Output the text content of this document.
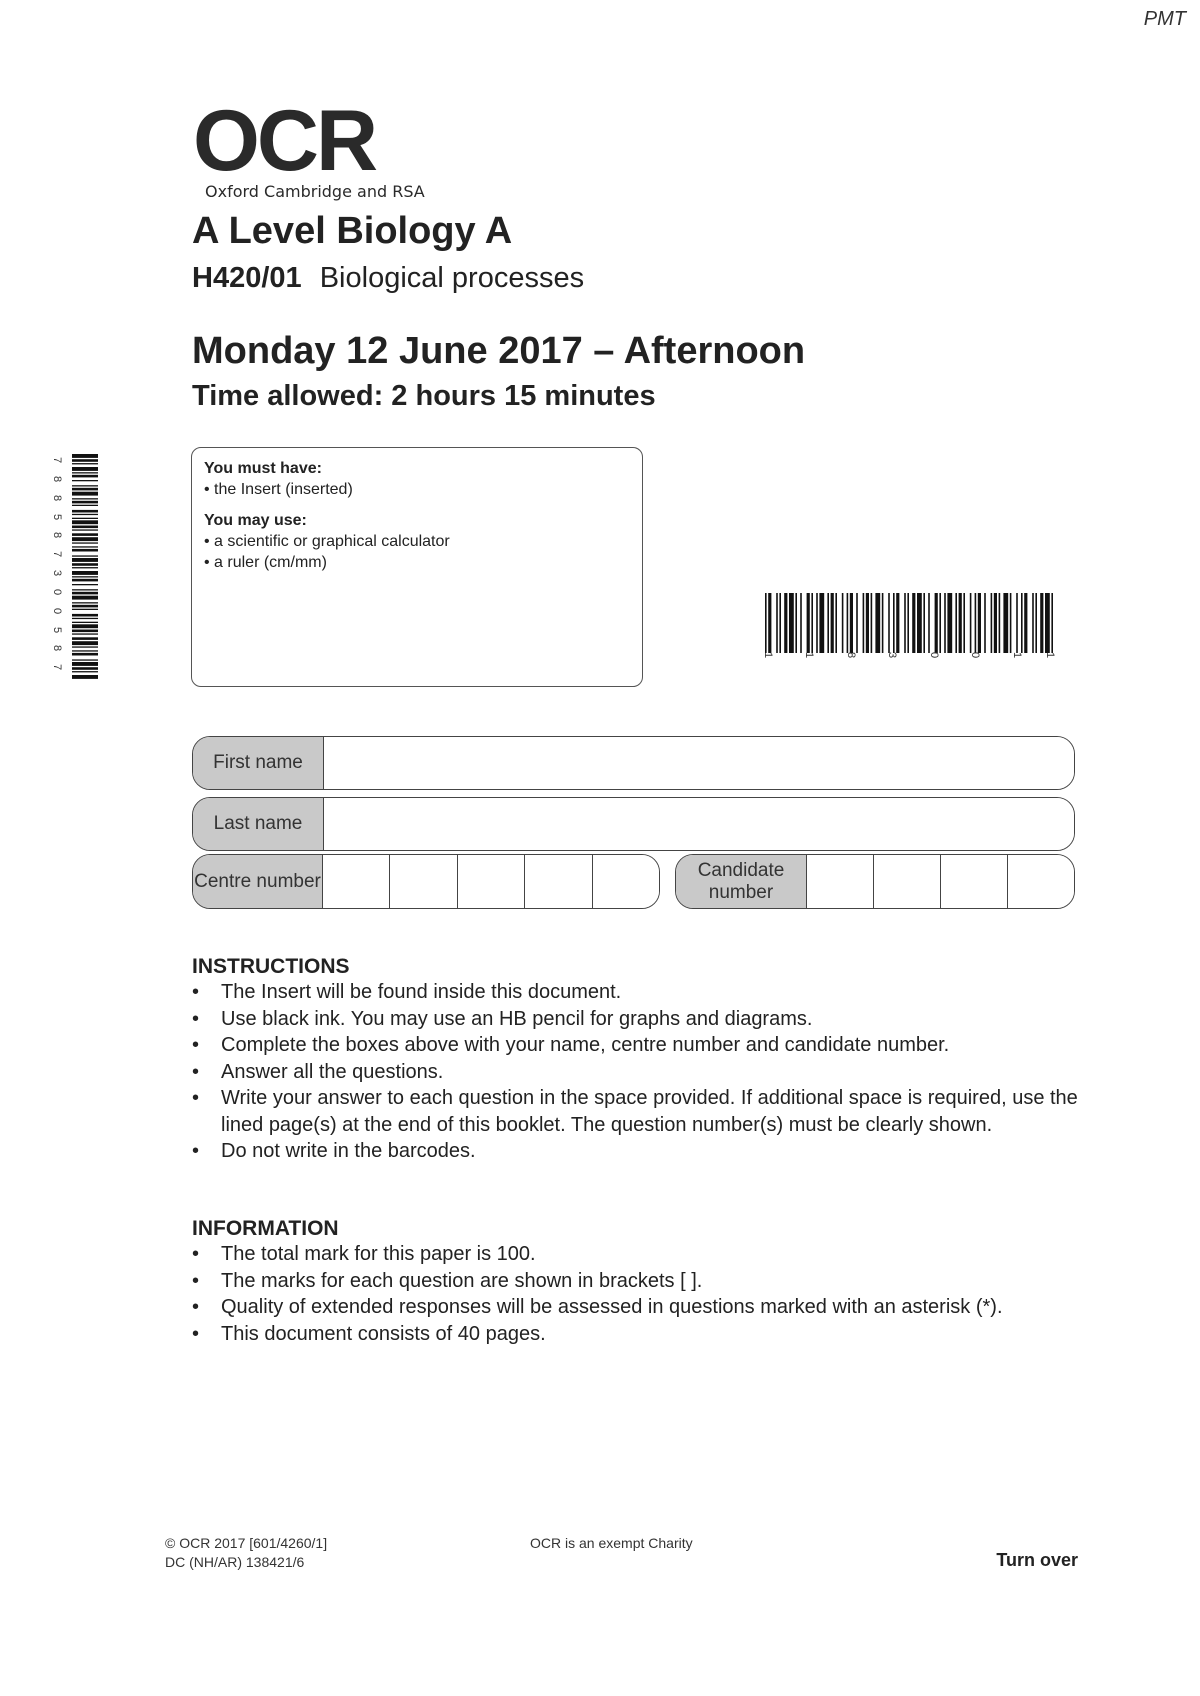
PMT
OCR
Oxford Cambridge and RSA
A Level Biology A
H420/01 Biological processes
Monday 12 June 2017 – Afternoon
Time allowed: 2 hours 15 minutes
You must have:
• the Insert (inserted)
You may use:
• a scientific or graphical calculator
• a ruler (cm/mm)
7
8
8
5
8
7
3
0
0
5
8
7
1	1	8	3	0	0	1 1
First name
Last name
Centre number
Candidate number
INSTRUCTIONS
• The Insert will be found inside this document.
• Use black ink. You may use an HB pencil for graphs and diagrams.
• Complete the boxes above with your name, centre number and candidate number.
• Answer all the questions.
• Write your answer to each question in the space provided. If additional space is required, use the lined page(s) at the end of this booklet. The question number(s) must be clearly shown.
• Do not write in the barcodes.
INFORMATION
• The total mark for this paper is 100.
• The marks for each question are shown in brackets [ ].
• Quality of extended responses will be assessed in questions marked with an asterisk (*).
• This document consists of 40 pages.
© OCR 2017 [601/4260/1]
DC (NH/AR) 138421/6
OCR is an exempt Charity
Turn over
